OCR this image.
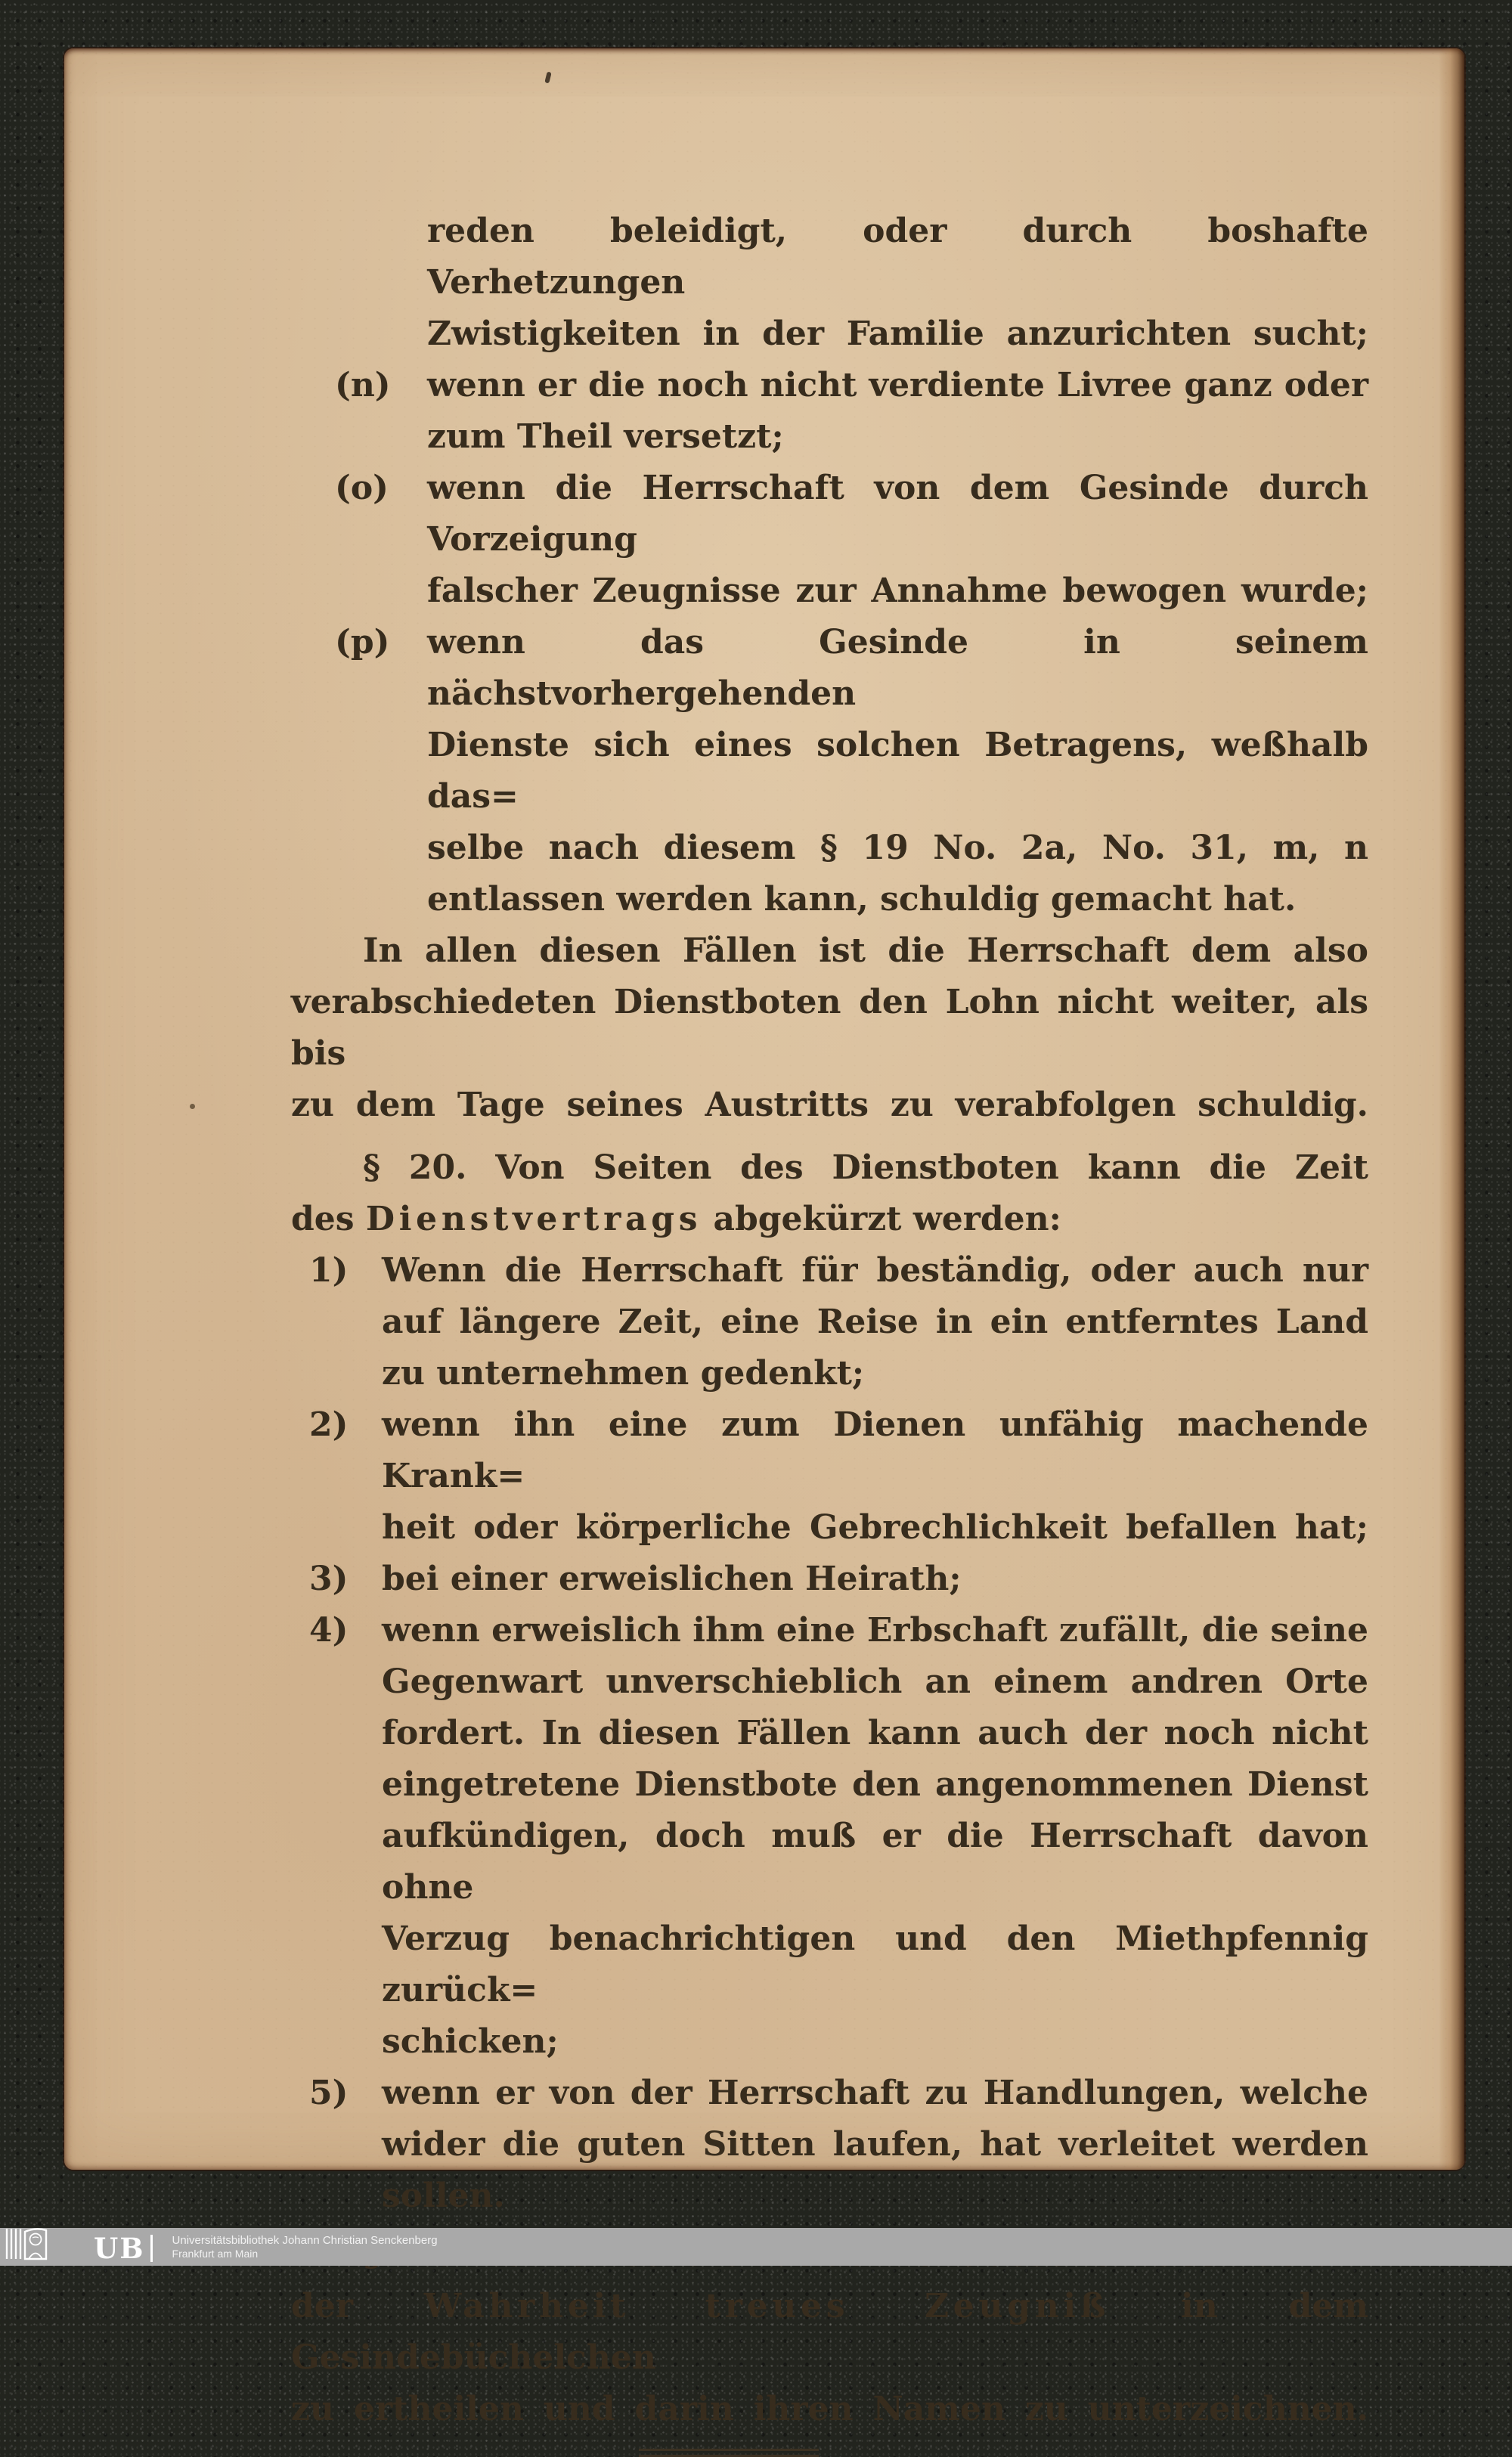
reden beleidigt, oder durch boshafte Verhetzungen
Zwistigkeiten in der Familie anzurichten sucht;
(n) wenn er die noch nicht verdiente Livree ganz oder
zum Theil versetzt;
(o) wenn die Herrschaft von dem Gesinde durch Vorzeigung
falscher Zeugnisse zur Annahme bewogen wurde;
(p) wenn das Gesinde in seinem nächstvorhergehenden
Dienste sich eines solchen Betragens, weßhalb das=
selbe nach diesem § 19 No. 2a, No. 31, m, n
entlassen werden kann, schuldig gemacht hat.
In allen diesen Fällen ist die Herrschaft dem also
verabschiedeten Dienstboten den Lohn nicht weiter, als bis
zu dem Tage seines Austritts zu verabfolgen schuldig.
§ 20. Von Seiten des Dienstboten kann die Zeit
des Dienstvertrags abgekürzt werden:
1) Wenn die Herrschaft für beständig, oder auch nur
auf längere Zeit, eine Reise in ein entferntes Land
zu unternehmen gedenkt;
2) wenn ihn eine zum Dienen unfähig machende Krank=
heit oder körperliche Gebrechlichkeit befallen hat;
3) bei einer erweislichen Heirath;
4) wenn erweislich ihm eine Erbschaft zufällt, die seine
Gegenwart unverschieblich an einem andren Orte
fordert. In diesen Fällen kann auch der noch nicht
eingetretene Dienstbote den angenommenen Dienst
aufkündigen, doch muß er die Herrschaft davon ohne
Verzug benachrichtigen und den Miethpfennig zurück=
schicken;
5) wenn er von der Herrschaft zu Handlungen, welche
wider die guten Sitten laufen, hat verleitet werden
sollen.
der Wahrheit treues Zeugniß in dem Gesindebüchelchen
zu ertheilen und darin ihren Namen zu unterzeichnen.
UB Universitätsbibliothek Johann Christian Senckenberg
Frankfurt am Main
